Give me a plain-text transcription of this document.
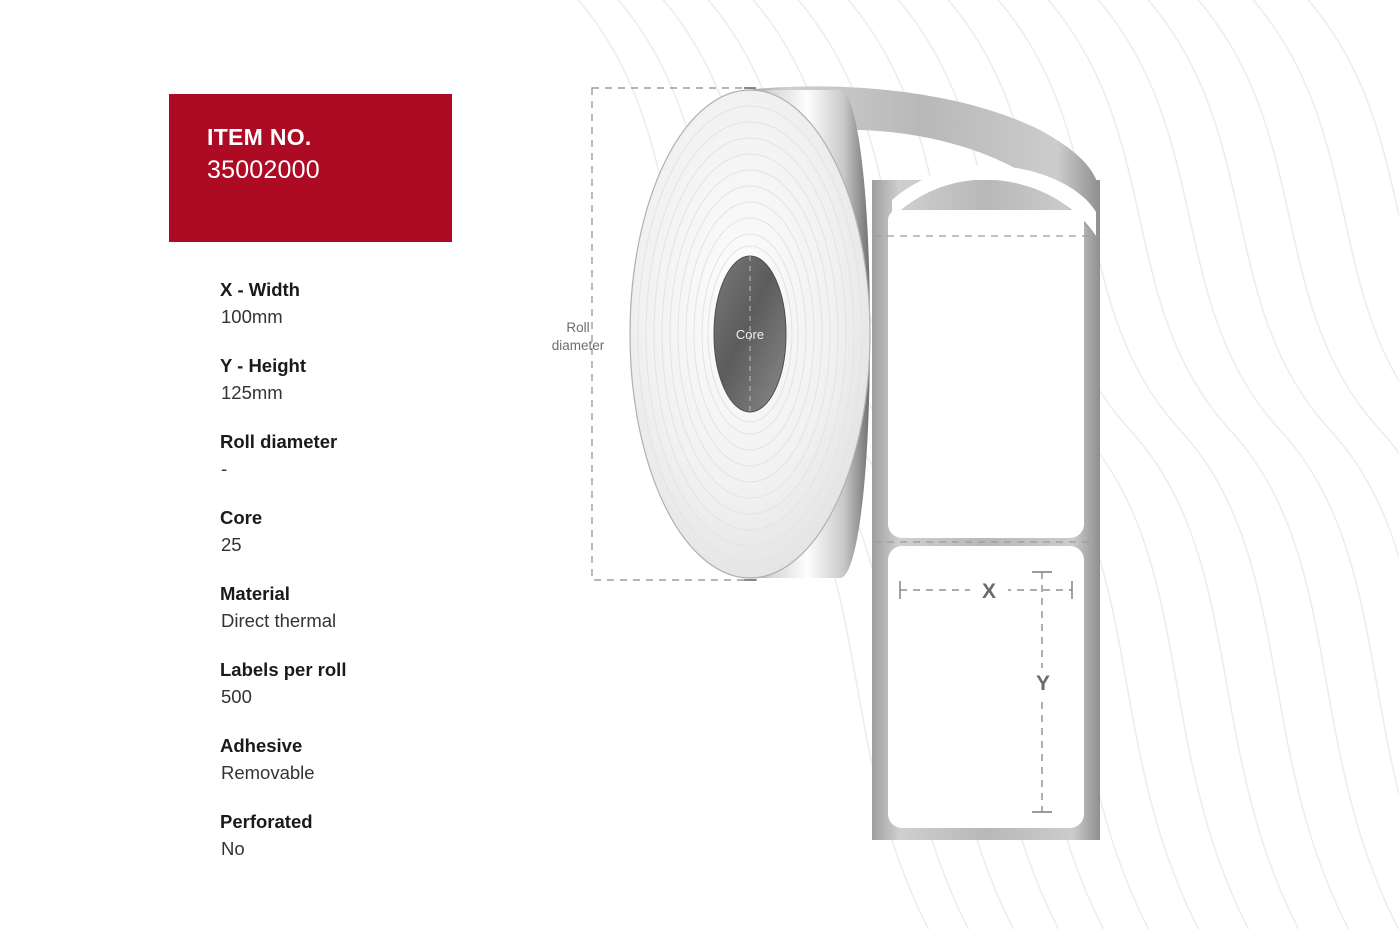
ITEM NO.
35002000
X - Width
100mm
Y - Height
125mm
Roll diameter
-
Core
25
Material
Direct thermal
Labels per roll
500
Adhesive
Removable
Perforated
No
Roll
diameter
Core
X
Y
